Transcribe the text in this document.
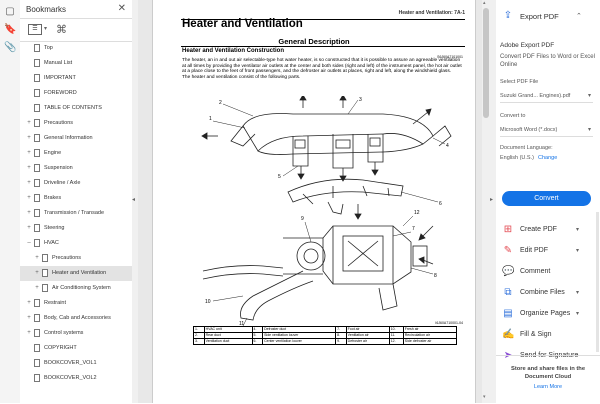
▢
🔖
📎
Bookmarks	✕
☰	▾ ⌘
Top
Manual List
IMPORTANT
FOREWORD
TABLE OF CONTENTS
+ Precautions
+ General Information
+ Engine
+ Suspension
+ Driveline / Axle
+ Brakes
+ Transmission / Transade
+ Steering
– HVAC
+ Precautions
+ Heater and Ventilation
+ Air Conditioning System
+ Restraint
+ Body, Cab and Accessories
+ Control systems
COPYRIGHT
BOOKCOVER_VOL1
BOOKCOVER_VOL2
◂
Heater and Ventilation: 7A-1
Heater and Ventilation
General Description
Heater and Ventilation Construction
S6J60A7101001
The heater, an in and out air selectable-type hot water heater, is so constructed that it is possible to assure an agreeable ventilation at all times by providing the ventilator air outlets at the center and both sides (right and left) of the instrument panel, the hot air outlet at a place close to the feet of front passengers, and the defroster air outlets at places, right and left, along the windshield glass.
The heater and ventilation consist of the following parts.
1
2	3
4
5
6
7
8
9
10
11
12
I6J60A710001-04
1.	HVAC unit	4.	Defroster duct	7.	Foot air	10.	Fresh air
2.	Rear duct	5.	Side ventilation louver	8.	Ventilation air	11.	Recirculation air
3.	Ventilation duct	6.	Center ventilation louver	9.	Defroster air	12.	Side defroster air
▴
▾
▸
⇪ Export PDF ⌃
Adobe Export PDF
Convert PDF Files to Word or Excel Online
Select PDF File
Suzuki Grand... Engines).pdf	▾
Convert to
Microsoft Word (*.docx)	▾
Document Language:
English (U.S.) Change
Convert
⊞ Create PDF	▾
✎ Edit PDF	▾
💬 Comment
⧉	Combine Files ▾
▤ Organize Pages ▾
✍ Fill & Sign
➤ Send for Signature
Store and share files in the Document Cloud
Learn More
